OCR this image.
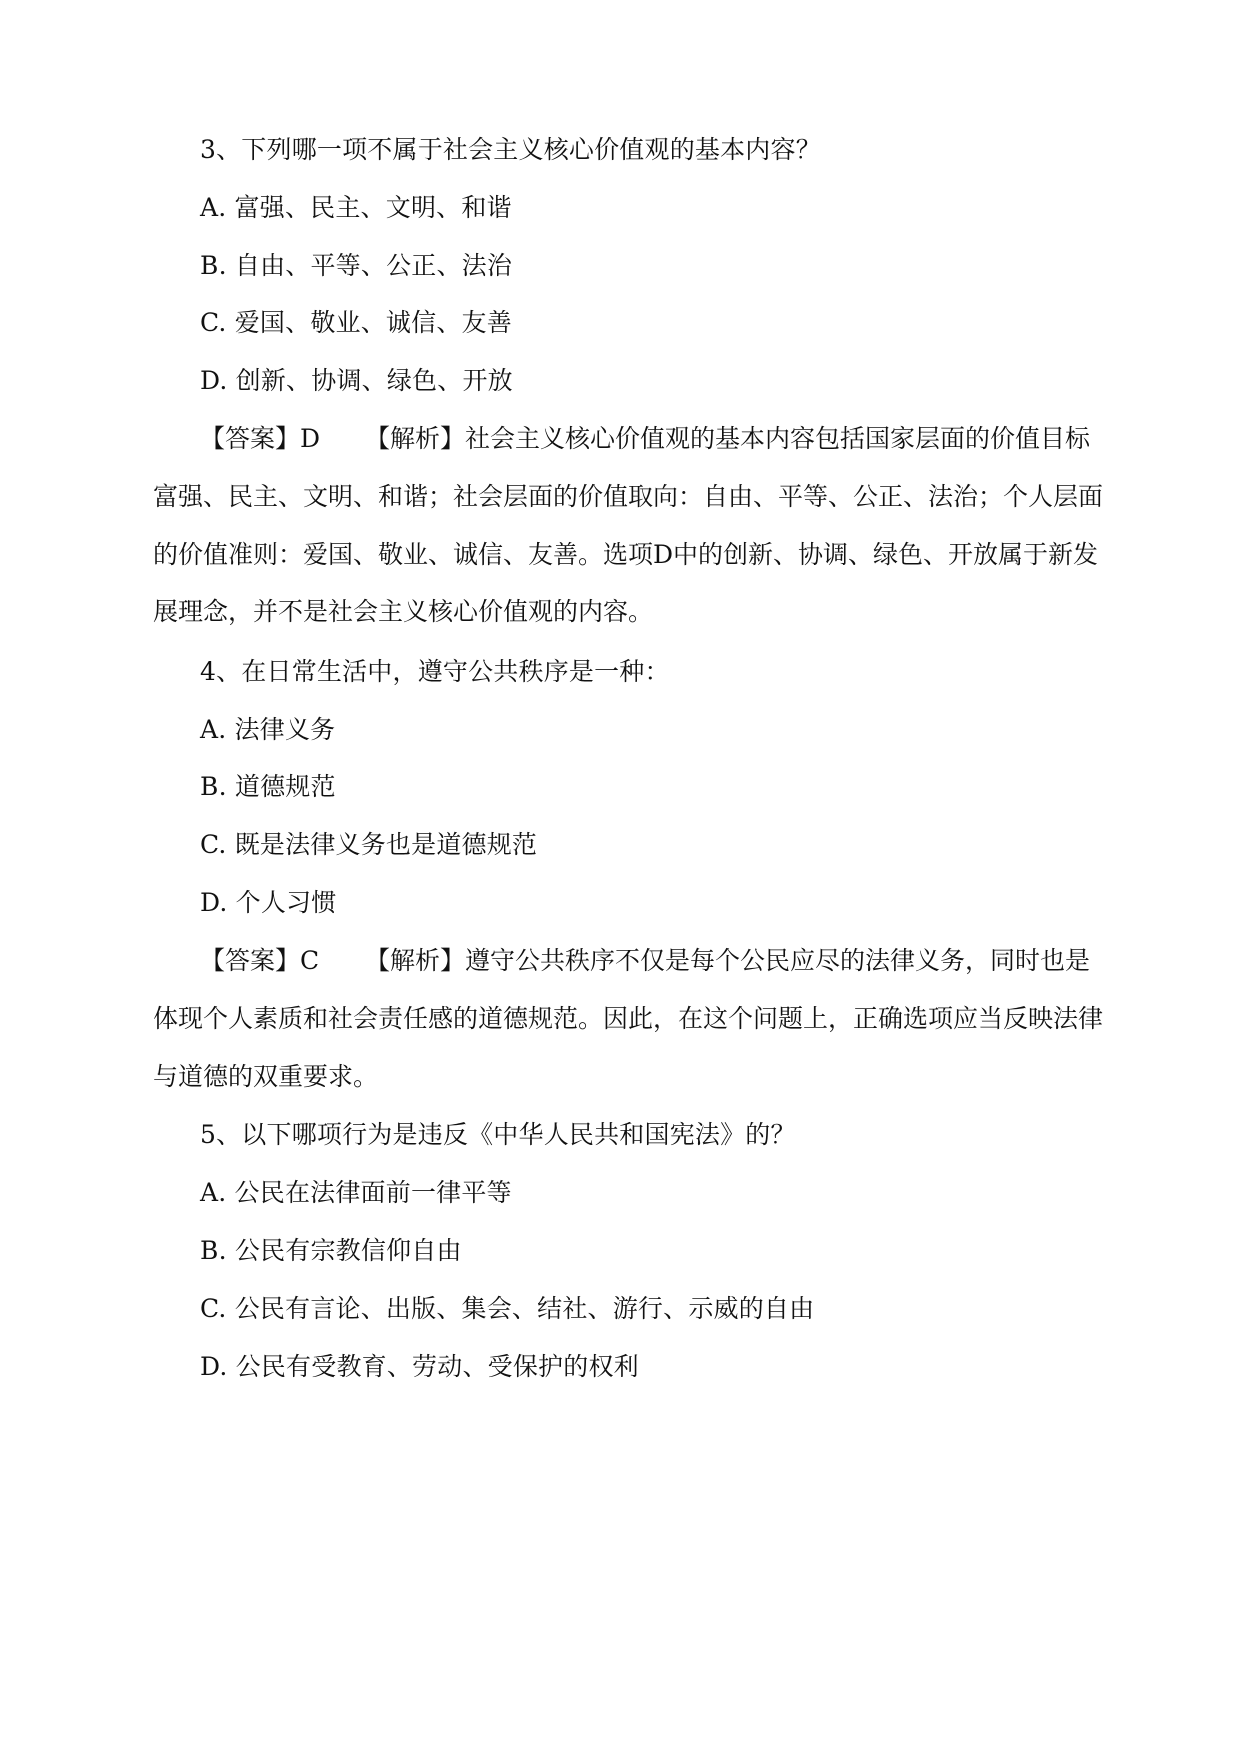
3、下列哪一项不属于社会主义核心价值观的基本内容？
A. 富强、民主、文明、和谐
B. 自由、平等、公正、法治
C. 爱国、敬业、诚信、友善
D. 创新、协调、绿色、开放
【答案】D 【解析】社会主义核心价值观的基本内容包括国家层面的价值目标
富强、民主、文明、和谐；社会层面的价值取向：自由、平等、公正、法治；个人层面
的价值准则：爱国、敬业、诚信、友善。选项D中的创新、协调、绿色、开放属于新发
展理念，并不是社会主义核心价值观的内容。
4、在日常生活中，遵守公共秩序是一种：
A. 法律义务
B. 道德规范
C. 既是法律义务也是道德规范
D. 个人习惯
【答案】C 【解析】遵守公共秩序不仅是每个公民应尽的法律义务，同时也是
体现个人素质和社会责任感的道德规范。因此，在这个问题上，正确选项应当反映法律
与道德的双重要求。
5、以下哪项行为是违反《中华人民共和国宪法》的？
A. 公民在法律面前一律平等
B. 公民有宗教信仰自由
C. 公民有言论、出版、集会、结社、游行、示威的自由
D. 公民有受教育、劳动、受保护的权利
